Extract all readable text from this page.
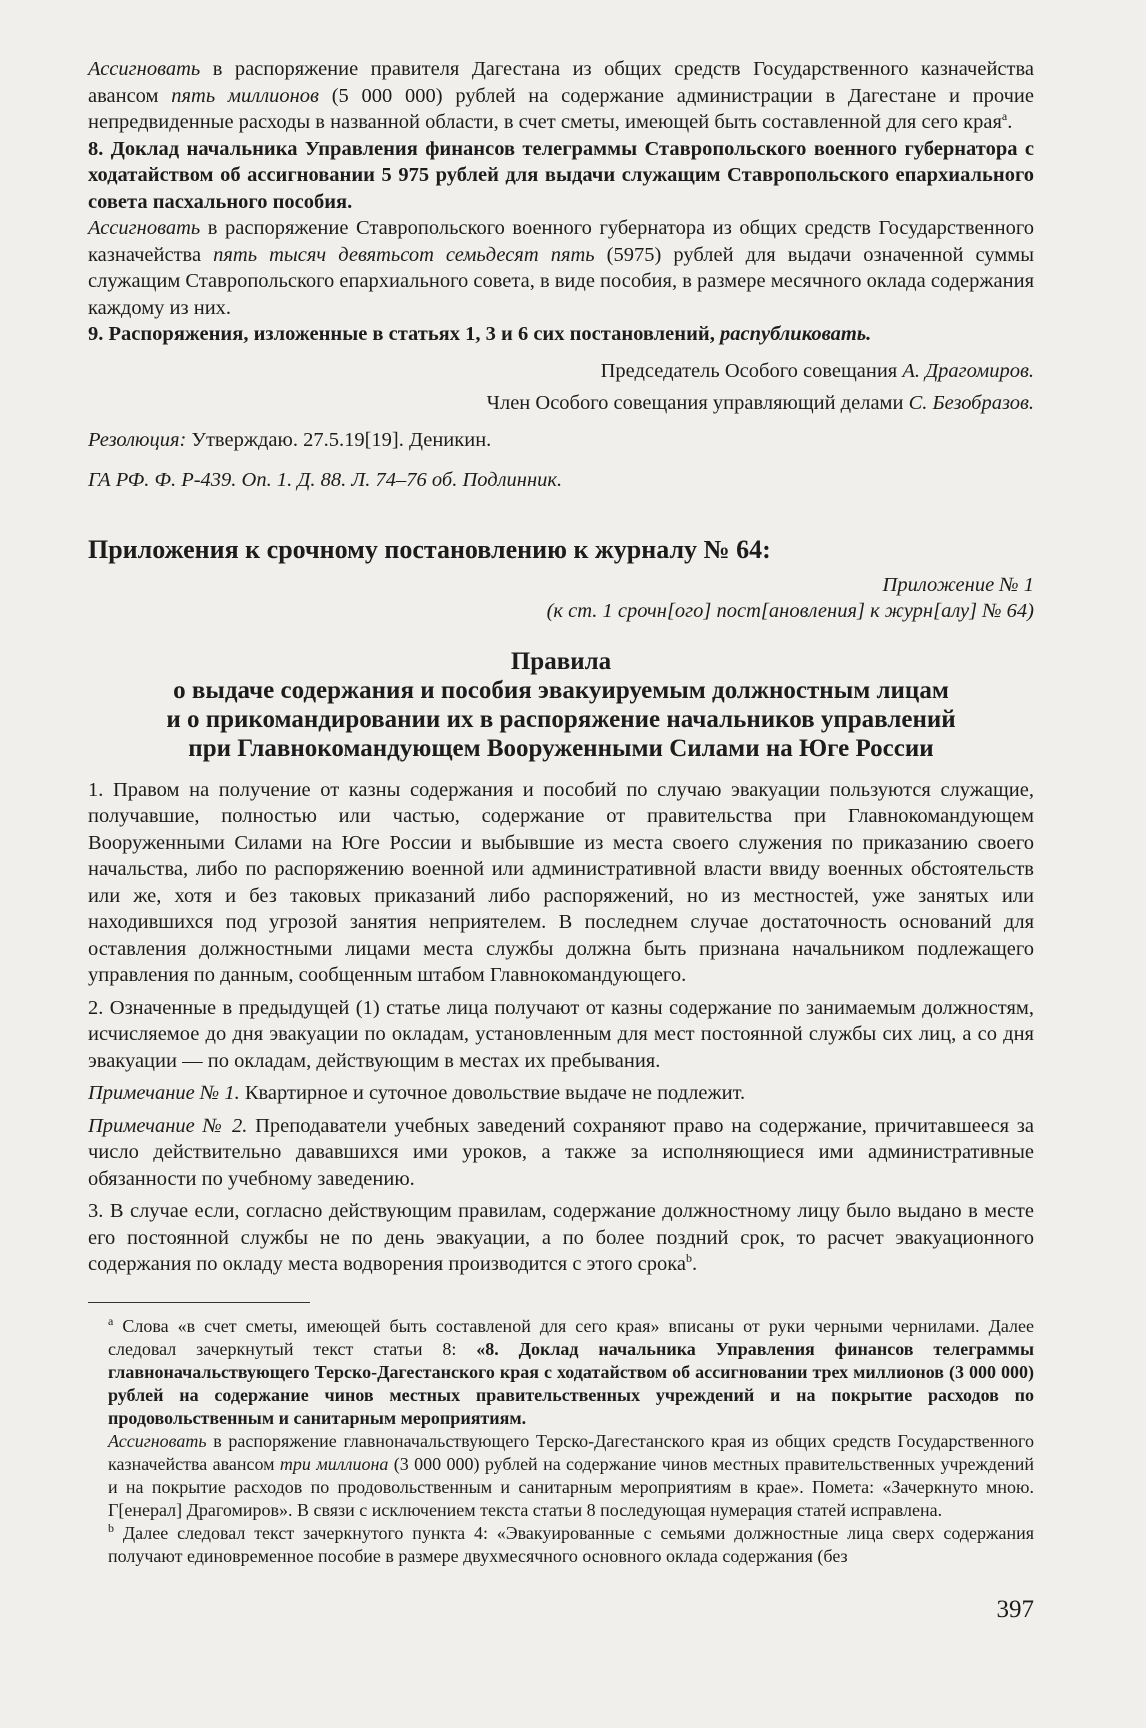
Ассигновать в распоряжение правителя Дагестана из общих средств Государственного казначейства авансом пять миллионов (5 000 000) рублей на содержание администрации в Дагестане и прочие непредвиденные расходы в названной области, в счет сметы, имеющей быть составленной для сего края$^a$.

8. Доклад начальника Управления финансов телеграммы Ставропольского военного губернатора с ходатайством об ассигновании 5 975 рублей для выдачи служащим Ставропольского епархиального совета пасхального пособия.

Ассигновать в распоряжение Ставропольского военного губернатора из общих средств Государственного казначейства пять тысяч девятьсот семьдесят пять (5975) рублей для выдачи означенной суммы служащим Ставропольского епархиального совета, в виде пособия, в размере месячного оклада содержания каждому из них.

9. Распоряжения, изложенные в статьях 1, 3 и 6 сих постановлений, распубликовать.

Председатель Особого совещания А. Драгомиров.

Член Особого совещания управляющий делами С. Безобразов.

Резолюция: Утверждаю. 27.5.19[19]. Деникин.

ГА РФ. Ф. Р-439. Оп. 1. Д. 88. Л. 74–76 об. Подлинник.

Приложения к срочному постановлению к журналу № 64:

Приложение № 1

(к ст. 1 срочн[ого] пост[ановления] к журн[алу] № 64)

Правила

о выдаче содержания и пособия эвакуируемым должностным лицам

и о прикомандировании их в распоряжение начальников управлений

при Главнокомандующем Вооруженными Силами на Юге России

1. Правом на получение от казны содержания и пособий по случаю эвакуации пользуются служащие, получавшие, полностью или частью, содержание от правительства при Главнокомандующем Вооруженными Силами на Юге России и выбывшие из места своего служения по приказанию своего начальства, либо по распоряжению военной или административной власти ввиду военных обстоятельств или же, хотя и без таковых приказаний либо распоряжений, но из местностей, уже занятых или находившихся под угрозой занятия неприятелем. В последнем случае достаточность оснований для оставления должностными лицами места службы должна быть признана начальником подлежащего управления по данным, сообщенным штабом Главнокомандующего.

2. Означенные в предыдущей (1) статье лица получают от казны содержание по занимаемым должностям, исчисляемое до дня эвакуации по окладам, установленным для мест постоянной службы сих лиц, а со дня эвакуации — по окладам, действующим в местах их пребывания.

Примечание № 1. Квартирное и суточное довольствие выдаче не подлежит.

Примечание № 2. Преподаватели учебных заведений сохраняют право на содержание, причитавшееся за число действительно дававшихся ими уроков, а также за исполняющиеся ими административные обязанности по учебному заведению.

3. В случае если, согласно действующим правилам, содержание должностному лицу было выдано в месте его постоянной службы не по день эвакуации, а по более поздний срок, то расчет эвакуационного содержания по окладу места водворения производится с этого срока$^b$.

$^a$ Слова «в счет сметы, имеющей быть составленой для сего края» вписаны от руки черными чернилами. Далее следовал зачеркнутый текст статьи 8: «8. Доклад начальника Управления финансов телеграммы главноначальствующего Терско-Дагестанского края с ходатайством об ассигновании трех миллионов (3 000 000) рублей на содержание чинов местных правительственных учреждений и на покрытие расходов по продовольственным и санитарным мероприятиям.

Ассигновать в распоряжение главноначальствующего Терско-Дагестанского края из общих средств Государственного казначейства авансом три миллиона (3 000 000) рублей на содержание чинов местных правительственных учреждений и на покрытие расходов по продовольственным и санитарным мероприятиям в крае». Помета: «Зачеркнуто мною. Г[енерал] Драгомиров». В связи с исключением текста статьи 8 последующая нумерация статей исправлена.

$^b$ Далее следовал текст зачеркнутого пункта 4: «Эвакуированные с семьями должностные лица сверх содержания получают единовременное пособие в размере двухмесячного основного оклада содержания (без

397
